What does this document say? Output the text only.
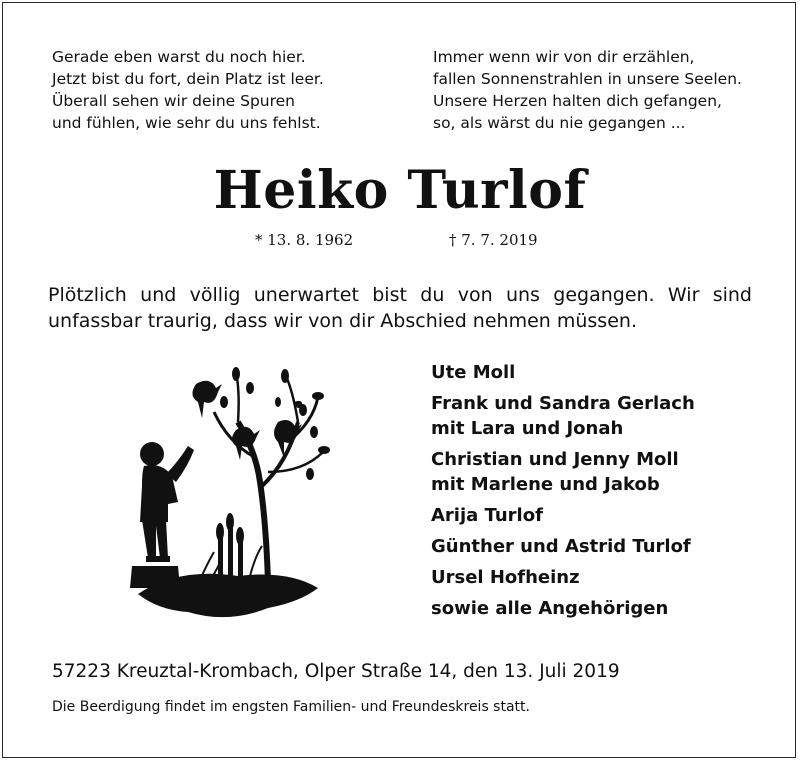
Gerade eben warst du noch hier.
Jetzt bist du fort, dein Platz ist leer.
Überall sehen wir deine Spuren
und fühlen, wie sehr du uns fehlst.
Immer wenn wir von dir erzählen,
fallen Sonnenstrahlen in unsere Seelen.
Unsere Herzen halten dich gefangen,
so, als wärst du nie gegangen ...
Heiko Turlof
* 13. 8. 1962	† 7. 7. 2019

Plötzlich und völlig unerwartet bist du von uns gegangen. Wir sind unfassbar traurig, dass wir von dir Abschied nehmen müssen.

Ute Moll
Frank und Sandra Gerlach
mit Lara und Jonah
Christian und Jenny Moll
mit Marlene und Jakob
Arija Turlof
Günther und Astrid Turlof
Ursel Hofheinz
sowie alle Angehörigen
57223 Kreuztal-Krombach, Olper Straße 14, den 13. Juli 2019
Die Beerdigung findet im engsten Familien- und Freundeskreis statt.
